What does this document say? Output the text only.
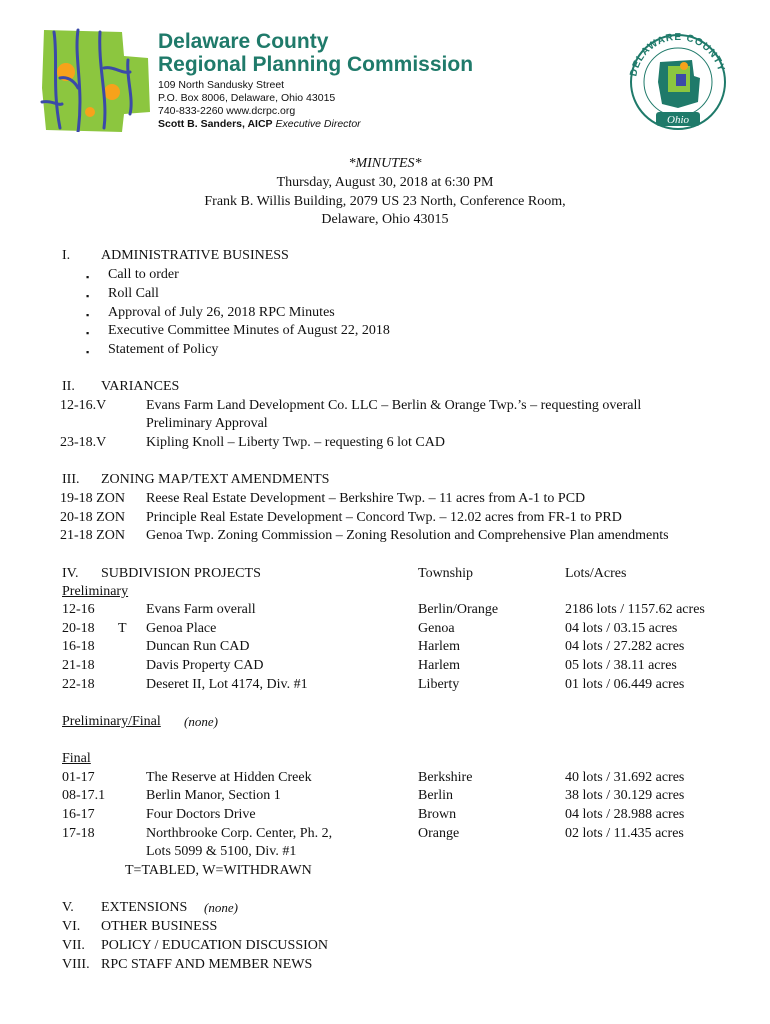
Delaware County
Regional Planning Commission
109 North Sandusky Street
P.O. Box 8006, Delaware, Ohio 43015
740-833-2260 www.dcrpc.org
Scott B. Sanders, AICP Executive Director
DELAWARE COUNTY
Ohio
*MINUTES*
Thursday, August 30, 2018 at 6:30 PM
Frank B. Willis Building, 2079 US 23 North, Conference Room,
Delaware, Ohio 43015
I. ADMINISTRATIVE BUSINESS
▪ Call to order
▪ Roll Call
▪ Approval of July 26, 2018 RPC Minutes
▪ Executive Committee Minutes of August 22, 2018
▪ Statement of Policy
II. VARIANCES
12-16.V	Evans Farm Land Development Co. LLC – Berlin & Orange Twp.’s – requesting overall
Preliminary Approval
23-18.V	Kipling Knoll – Liberty Twp. – requesting 6 lot CAD
III. ZONING MAP/TEXT AMENDMENTS
19-18 ZON Reese Real Estate Development – Berkshire Twp. – 11 acres from A-1 to PCD
20-18 ZON Principle Real Estate Development – Concord Twp. – 12.02 acres from FR-1 to PRD
21-18 ZON Genoa Twp. Zoning Commission – Zoning Resolution and Comprehensive Plan amendments
IV. SUBDIVISION PROJECTS	Township	Lots/Acres
Preliminary
12-16	Evans Farm overall	Berlin/Orange	2186 lots / 1157.62 acres
20-18 T Genoa Place	Genoa	04 lots / 03.15 acres
16-18	Duncan Run CAD	Harlem	04 lots / 27.282 acres
21-18	Davis Property CAD	Harlem	05 lots / 38.11 acres
22-18	Deseret II, Lot 4174, Div. #1	Liberty	01 lots / 06.449 acres
Preliminary/Final (none)
Final
01-17	The Reserve at Hidden Creek	Berkshire	40 lots / 31.692 acres
08-17.1	Berlin Manor, Section 1	Berlin	38 lots / 30.129 acres
16-17	Four Doctors Drive	Brown	04 lots / 28.988 acres
17-18	Northbrooke Corp. Center, Ph. 2,	Orange	02 lots / 11.435 acres
Lots 5099 & 5100, Div. #1
T=TABLED, W=WITHDRAWN
V. EXTENSIONS (none)
VI. OTHER BUSINESS
VII. POLICY / EDUCATION DISCUSSION
VIII. RPC STAFF AND MEMBER NEWS
